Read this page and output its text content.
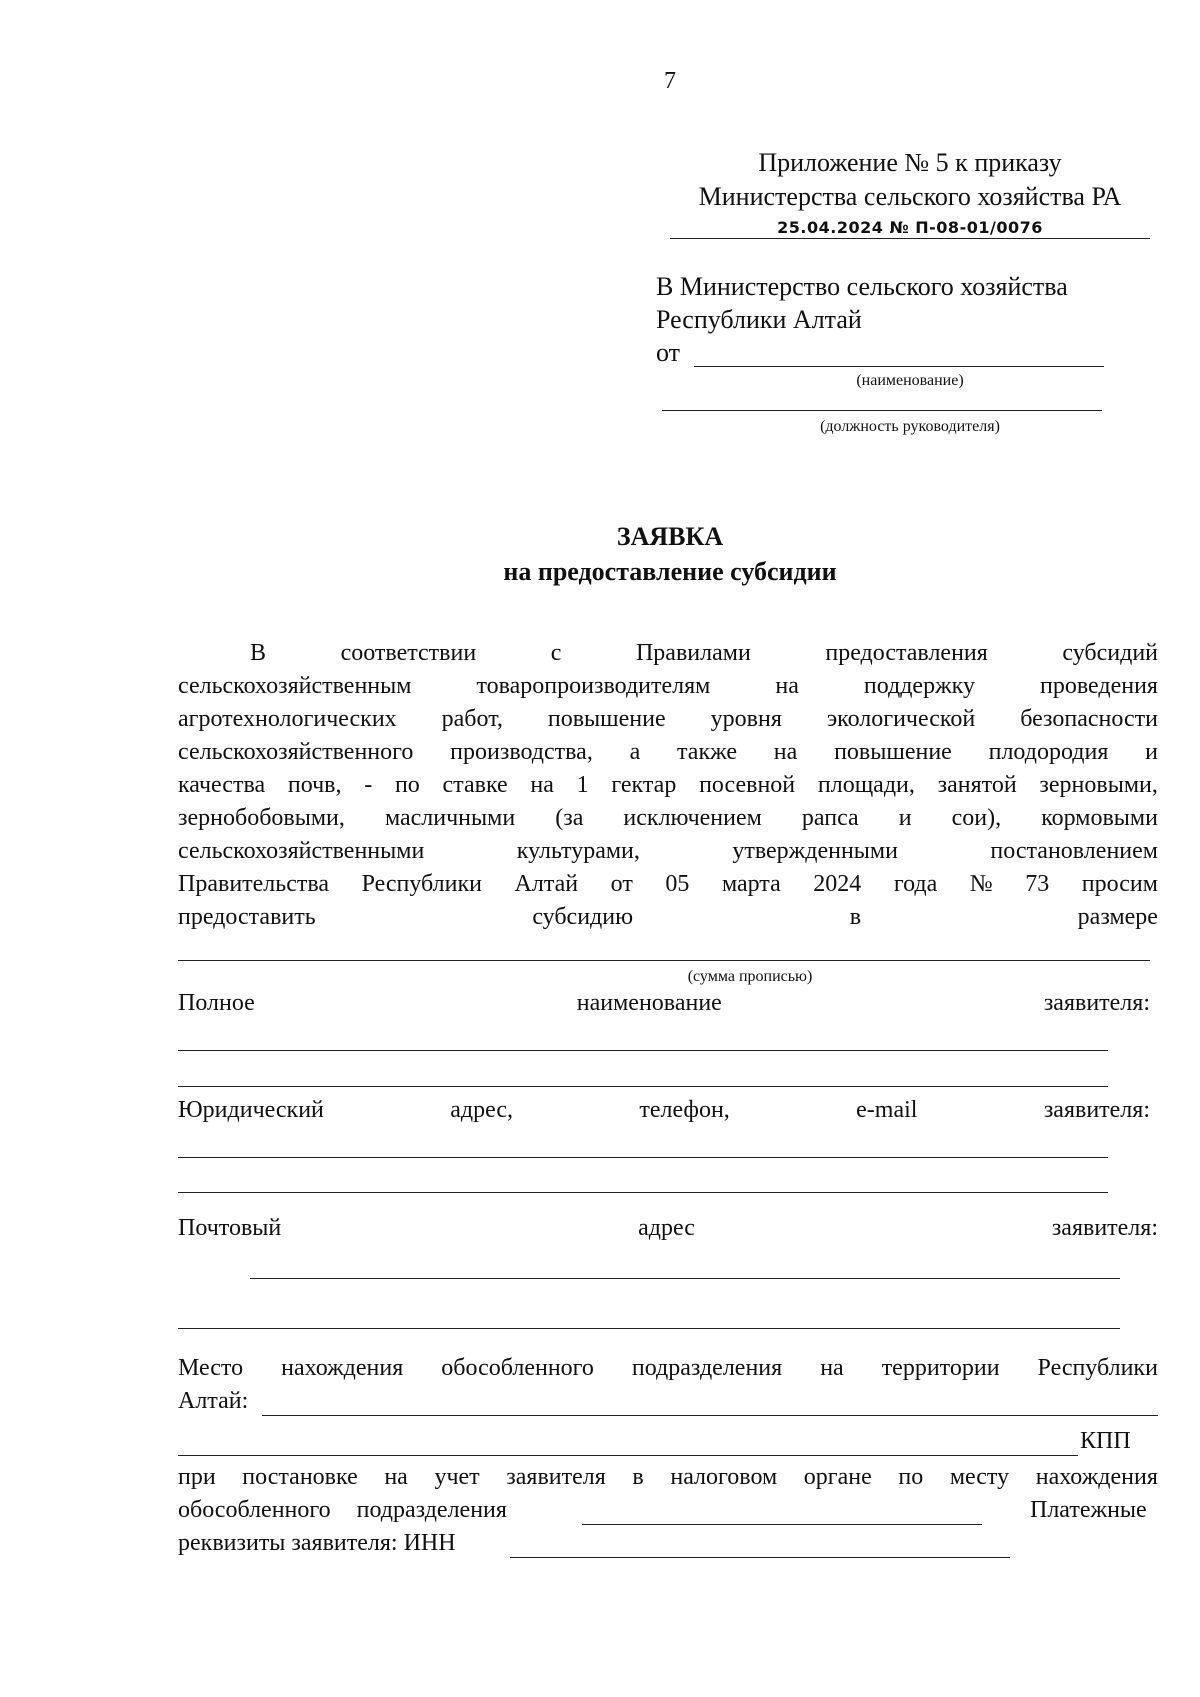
7
Приложение № 5 к приказу
Министерства сельского хозяйства РА
25.04.2024 № П-08-01/0076
В Министерство сельского хозяйства
Республики Алтай
от
(наименование)
(должность руководителя)
ЗАЯВКА
на предоставление субсидии
В	соответствии	с	Правилами	предоставления	субсидий
сельскохозяйственным	товаропроизводителям	на	поддержку	проведения
агротехнологических работ, повышение уровня экологической безопасности
сельскохозяйственного производства, а также на повышение плодородия и
качества почв, - по ставке на 1 гектар посевной площади, занятой зерновыми,
зернобобовыми, масличными (за исключением рапса и сои), кормовыми
сельскохозяйственными	культурами,	утвержденными	постановлением
Правительства Республики Алтай от 05 марта 2024 года № 73 просим
предоставить	субсидию	в	размере
(сумма прописью)
Полное	наименование	заявителя:
Юридический	адрес,	телефон,	e-mail	заявителя:
Почтовый	адрес	заявителя:
Место нахождения обособленного подразделения на территории Республики
Алтай:
КПП
при постановке на учет заявителя в налоговом органе по месту нахождения
обособленного подразделения	Платежные
реквизиты заявителя: ИНН
